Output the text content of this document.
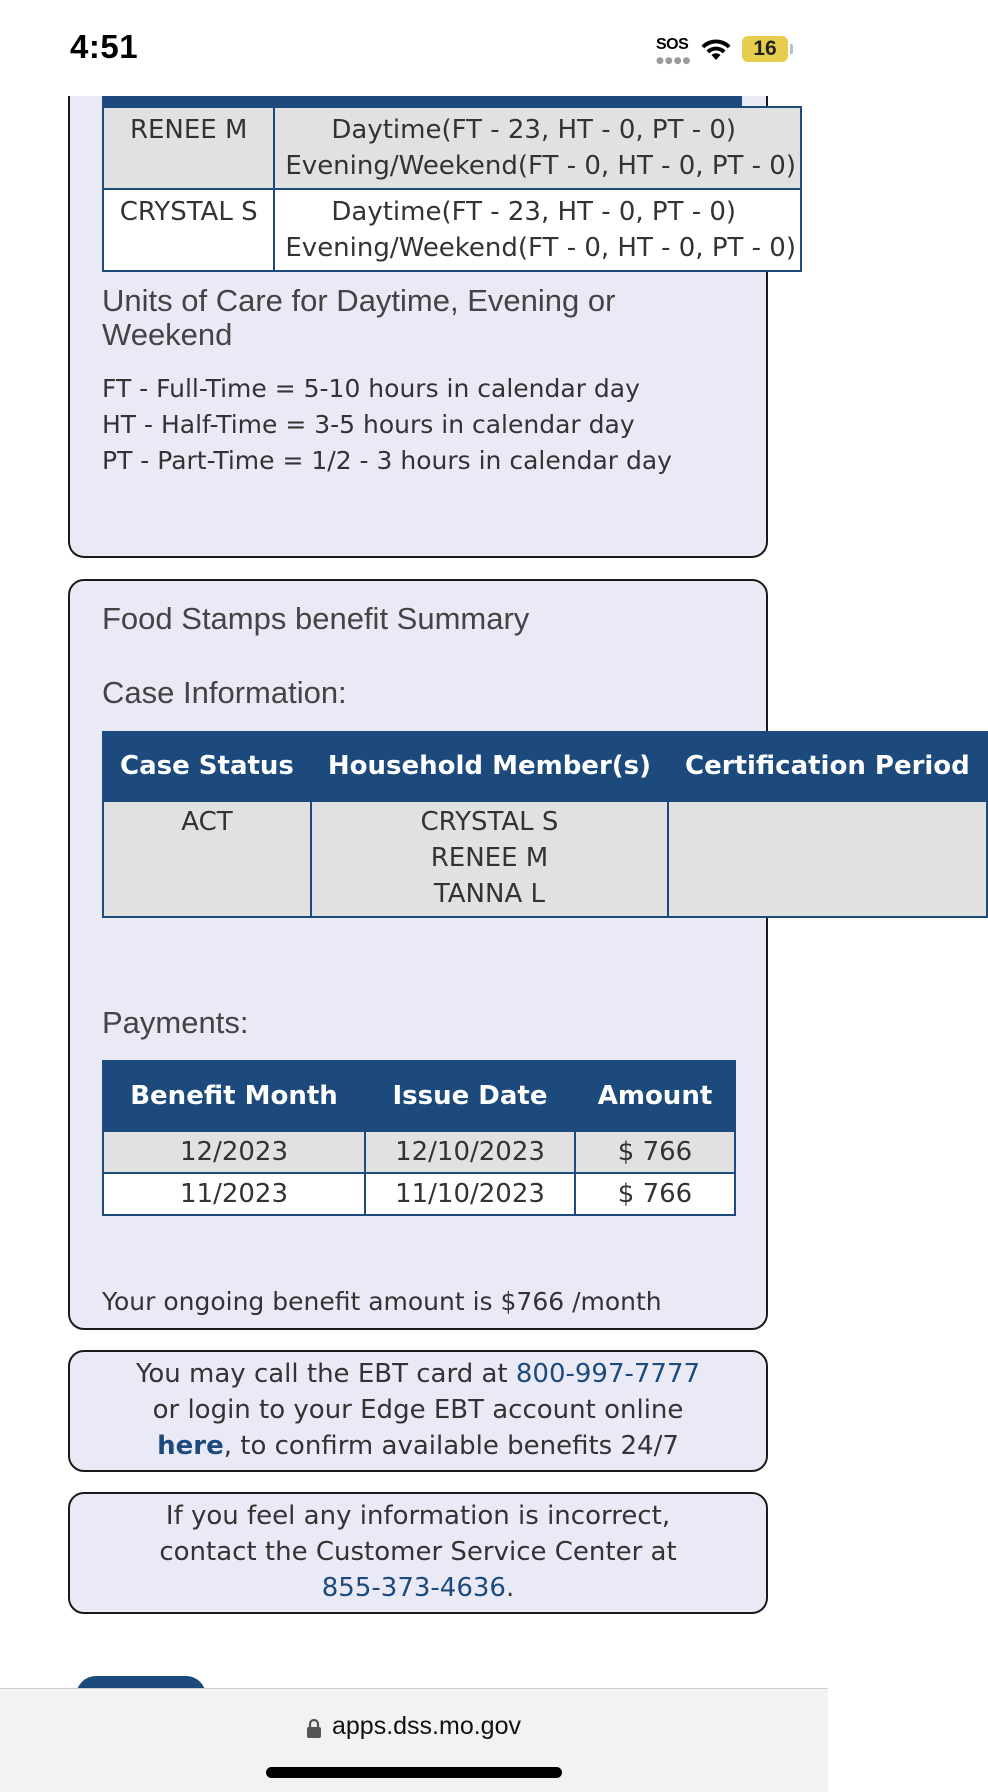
4:51	SOS
●●●●
16
RENEE M	Daytime(FT - 23, HT - 0, PT - 0)
Evening/Weekend(FT - 0, HT - 0, PT - 0)
CRYSTAL S	Daytime(FT - 23, HT - 0, PT - 0)
Evening/Weekend(FT - 0, HT - 0, PT - 0)
Units of Care for Daytime, Evening or Weekend
FT - Full-Time = 5-10 hours in calendar day
HT - Half-Time = 3-5 hours in calendar day
PT - Part-Time = 1/2 - 3 hours in calendar day
Food Stamps benefit Summary
Case Information:
Case Status	Household Member(s)	Certification Period
ACT	CRYSTAL S
RENEE M
TANNA L	

Payments:
Benefit Month	Issue Date	Amount
12/2023	12/10/2023	$ 766
11/2023	11/10/2023	$ 766
Your ongoing benefit amount is $766 /month
You may call the EBT card at 800-997-7777
or login to your Edge EBT account online
here, to confirm available benefits 24/7
If you feel any information is incorrect,
contact the Customer Service Center at
855-373-4636.
apps.dss.mo.gov
